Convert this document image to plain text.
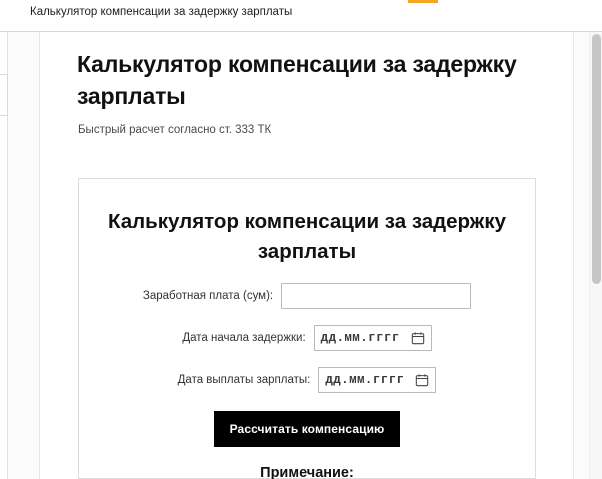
Калькулятор компенсации за задержку зарплаты
Калькулятор компенсации за задержку зарплаты
Быстрый расчет согласно ст. 333 ТК
Калькулятор компенсации за задержку зарплаты
Заработная плата (сум):
Дата начала задержки:	дд.мм.гггг
Дата выплаты зарплаты:	дд.мм.гггг
Рассчитать компенсацию
Примечание:
